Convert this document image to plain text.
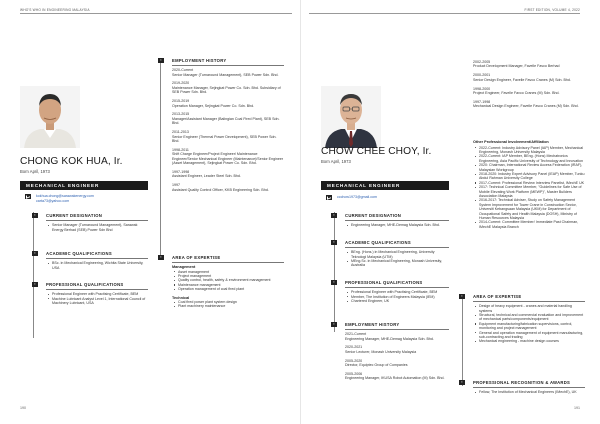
WHO'S WHO IN ENGINEERING MALAYSIA
CHONG KOK HUA, Ir.
Born April, 1973
MECHANICAL ENGINEER
kokhua.chong@sarawakenergy.com
carta73@yahoo.com
▪	CURRENT DESIGNATION
Senior Manager (Turnaround Management), Sarawak Energy Berhad (SEB) Power Sdn Bhd
▪	ACADEMIC QUALIFICATIONS
BSc. in Mechanical Engineering, Wichita State University, USA
▪	PROFESSIONAL QUALIFICATIONS
Professional Engineer with Practising Certificate, BEM
Machine Lubricant Analyst Level 1, International Council of Machinery Lubricant, USA
▪	EMPLOYMENT HISTORY
2020-Current
Senior Manager (Turnaround Management), SEB Power Sdn. Bhd.
2019-2020
Maintenance Manager, Sejingkat Power Co. Sdn. Bhd. Subsidiary of SEB Power Sdn. Bhd.
2015-2019
Operation Manager, Sejingkat Power Co. Sdn. Bhd.
2013-2015
Manager/Assistant Manager (Balingian Coal Fired Plant), SEB Sdn. Bhd.
2011-2013
Senior Engineer (Thermal Power Development), SEB Power Sdn. Bhd.
1998-2011
Shift Charge Engineer/Project Engineer/ Maintenance Engineer/Senior Mechanical Engineer (Maintenance)/Senior Engineer (Asset Management), Sejingkat Power Co. Sdn. Bhd.
1997-1998
Assistant Engineer, Leader Steel Sdn. Bhd.
1997
Assistant Quality Control Officer, KKB Engineering Sdn. Bhd.
▪	AREA OF EXPERTISE
Management
Asset management
Project management
Quality control, health, safety & environment management
Maintenance management
Operation management of coal fired plant
Technical
Coal fired power plant system design
Plant machinery maintenance
190
FIRST EDITION, VOLUME 4, 2022
CHOW CHEE CHOY, Ir.
Born April, 1973
MECHANICAL ENGINEER
ccchow1973@gmail.com
▪	CURRENT DESIGNATION
Engineering Manager, MHE-Demag Malaysia Sdn. Bhd.
▪	ACADEMIC QUALIFICATIONS
BEng. (Hons.) in Mechanical Engineering, University Teknologi Malaysia (UTM)
MEng.Sc. in Mechanical Engineering, Monash University, Australia
▪	PROFESSIONAL QUALIFICATIONS
Professional Engineer with Practising Certificate, BEM
Member, The Institution of Engineers Malaysia (IEM)
Chartered Engineer, UK
▪	EMPLOYMENT HISTORY
2021-Current
Engineering Manager, MHE-Demag Malaysia Sdn. Bhd.
2020-2021
Senior Lecturer, Monash University Malaysia
2005-2020
Director, Equiptec Group of Companies
2005-2006
Engineering Manager, IKUSA Robot Automation (M) Sdn. Bhd.
2002-2005
Product Development Manager, Favelle Favco Berhad
2000-2001
Senior Design Engineer, Favelle Favco Cranes (M) Sdn. Bhd.
1998-2000
Project Engineer, Favelle Favco Cranes (M) Sdn. Bhd.
1997-1998
Mechanical Design Engineer, Favelle Favco Cranes (M) Sdn. Bhd.
Other Professional Involvement/Affiliation
2022-Current: Industry Advisory Panel (IAP) Member, Mechanical Engineering, Monash University Malaysia
2022-Current: IAP Member, BEng. (Hons) Mechatronics Engineering, Asia Pacific University of Technology and Innovation
2020: Chairman, International Review Access Federation (IRAF), Malaysian Workgroup
2018-2020: Industry Expert Advisory Panel (IEAP) Member, Tunku Abdul Rahman University College
2017-Current: Professional Review Interview Panelist, IMechE UK
2017: Technical Committee Member, "Guidelines for Safe Use of Mobile Elevating Work Platform (MEWP)", Master Builders Association Malaysia
2016-2017: Technical Adviser, Study on Safety Management System Improvement for Tower Crane in Construction Sector, Universiti Kebangsaan Malaysia (UKM) for Department of Occupational Safety and Health Malaysia (DOSH), Ministry of Human Resources Malaysia
2014-Current: Committee Member/ Immediate Past Chairman, IMechE Malaysia Branch
▪	AREA OF EXPERTISE
Design of heavy equipment - cranes and material handling systems
Structural, technical and commercial evaluation and improvement of mechanical parts/components/equipment
Equipment manufacturing/fabrication supervisions, control, monitoring and project management
General and operation management of equipment manufacturing, sub-contracting and trading
Mechanical engineering - machine design courses
▪	PROFESSIONAL RECOGNITION & AWARDS
Fellow, The Institution of Mechanical Engineers (IMechE), UK
191
